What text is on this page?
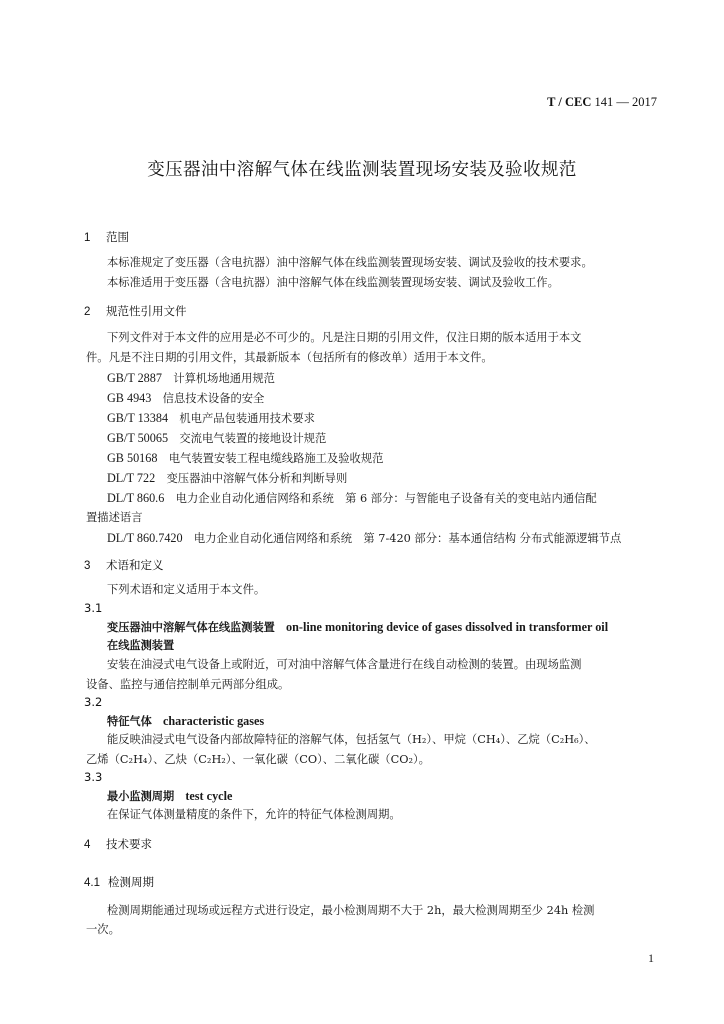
T / CEC 141 — 2017
变压器油中溶解气体在线监测装置现场安装及验收规范
1 范围
本标准规定了变压器（含电抗器）油中溶解气体在线监测装置现场安装、调试及验收的技术要求。
本标准适用于变压器（含电抗器）油中溶解气体在线监测装置现场安装、调试及验收工作。
2 规范性引用文件
下列文件对于本文件的应用是必不可少的。凡是注日期的引用文件，仅注日期的版本适用于本文
件。凡是不注日期的引用文件，其最新版本（包括所有的修改单）适用于本文件。
GB/T 2887　 计算机场地通用规范
GB 4943　 信息技术设备的安全
GB/T 13384　 机电产品包装通用技术要求
GB/T 50065　 交流电气装置的接地设计规范
GB 50168　 电气装置安装工程电缆线路施工及验收规范
DL/T 722　 变压器油中溶解气体分析和判断导则
DL/T 860.6　 电力企业自动化通信网络和系统　第 6 部分：与智能电子设备有关的变电站内通信配
置描述语言
DL/T 860.7420　 电力企业自动化通信网络和系统　第 7-420 部分：基本通信结构 分布式能源逻辑节点
3 术语和定义
下列术语和定义适用于本文件。
3.1
变压器油中溶解气体在线监测装置　 on-line monitoring device of gases dissolved in transformer oil
在线监测装置
安装在油浸式电气设备上或附近，可对油中溶解气体含量进行在线自动检测的装置。由现场监测
设备、监控与通信控制单元两部分组成。
3.2
特征气体　 characteristic gases
能反映油浸式电气设备内部故障特征的溶解气体，包括氢气（H₂）、甲烷（CH₄）、乙烷（C₂H₆）、
乙烯（C₂H₄）、乙炔（C₂H₂）、一氧化碳（CO）、二氧化碳（CO₂）。
3.3
最小监测周期　 test cycle
在保证气体测量精度的条件下，允许的特征气体检测周期。
4 技术要求
4.1 检测周期
检测周期能通过现场或远程方式进行设定，最小检测周期不大于 2h，最大检测周期至少 24h 检测
一次。
1
